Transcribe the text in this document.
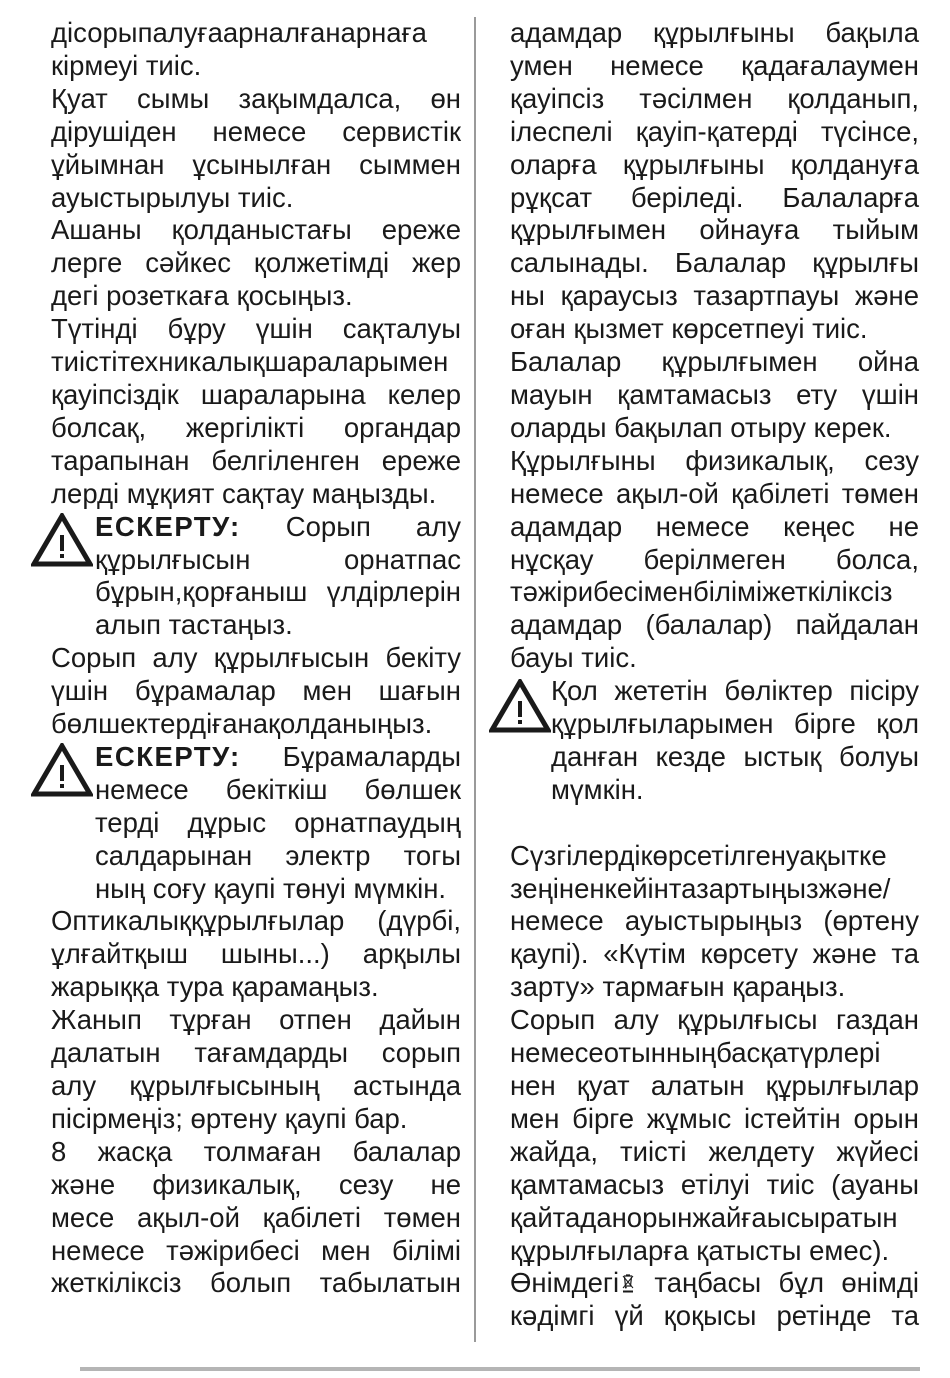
дісорыпалуғаарналғанарнаға
кірмеуі тиіс.
Қуат сымы зақымдалса, өн
дірушіден немесе сервистік
ұйымнан ұсынылған сыммен
ауыстырылуы тиіс.
Ашаны қолданыстағы ереже
лерге сәйкес қолжетімді жер
дегі розеткаға қосыңыз.
Түтінді бұру үшін сақталуы
тиістітехникалықшараларымен
қауіпсіздік шараларына келер
болсақ, жергілікті органдар
тарапынан белгіленген ереже
лерді мұқият сақтау маңызды.
ЕСКЕРТУ: Сорып алу
құрылғысын орнатпас
бұрын,қорғаныш үлдірлерін
алып тастаңыз.
Сорып алу құрылғысын бекіту
үшін бұрамалар мен шағын
бөлшектердіғанақолданыңыз.
ЕСКЕРТУ: Бұрамаларды
немесе бекіткіш бөлшек
терді дұрыс орнатпаудың
салдарынан электр тогы
ның соғу қаупі төнуі мүмкін.
Оптикалыққұрылғылар (дүрбі,
ұлғайтқыш шыны...) арқылы
жарыққа тура қарамаңыз.
Жанып тұрған отпен дайын
далатын тағамдарды сорып
алу құрылғысының астында
пісірмеңіз; өртену қаупі бар.
8 жасқа толмаған балалар
және физикалық, сезу не
месе ақыл-ой қабілеті төмен
немесе тәжірибесі мен білімі
жеткіліксіз болып табылатын
адамдар құрылғыны бақыла
умен немесе қадағалаумен
қауіпсіз тәсілмен қолданып,
ілеспелі қауіп-қатерді түсінсе,
оларға құрылғыны қолдануға
рұқсат беріледі. Балаларға
құрылғымен ойнауға тыйым
салынады. Балалар құрылғы
ны қараусыз тазартпауы және
оған қызмет көрсетпеуі тиіс.
Балалар құрылғымен ойна
мауын қамтамасыз ету үшін
оларды бақылап отыру керек.
Құрылғыны физикалық, сезу
немесе ақыл-ой қабілеті төмен
адамдар немесе кеңес не
нұсқау берілмеген болса,
тәжірибесіменбіліміжеткіліксіз
адамдар (балалар) пайдалан
бауы тиіс.
Қол жететін бөліктер пісіру
құрылғыларымен бірге қол
данған кезде ыстық болуы
мүмкін.
Сүзгілердікөрсетілгенуақытке
зеңіненкейінтазартыңызжәне/
немесе ауыстырыңыз (өртену
қаупі). «Күтім көрсету және та
зарту» тармағын қараңыз.
Сорып алу құрылғысы газдан
немесеотынныңбасқатүрлері
нен қуат алатын құрылғылар
мен бірге жұмыс істейтін орын
жайда, тиісті желдету жүйесі
қамтамасыз етілуі тиіс (ауаны
қайтаданорынжайғаысыратын
құрылғыларға қатысты емес).
Өнімдегі таңбасы бұл өнімді
кәдімгі үй қоқысы ретінде та
